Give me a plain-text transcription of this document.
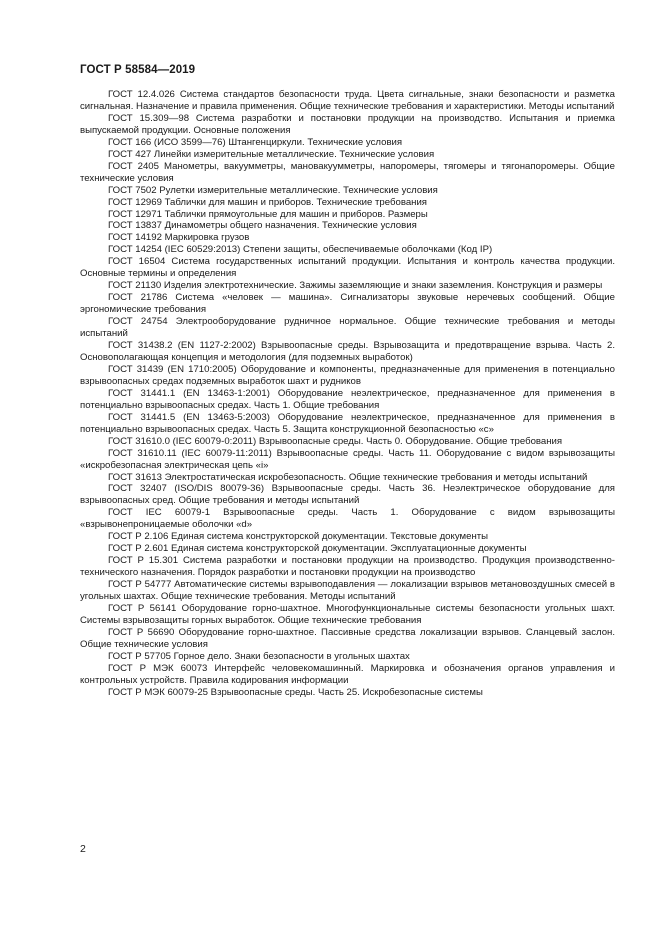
ГОСТ Р 58584—2019

ГОСТ 12.4.026 Система стандартов безопасности труда. Цвета сигнальные, знаки безопасности и разметка сигнальная. Назначение и правила применения. Общие технические требования и характеристики. Методы испытаний

ГОСТ 15.309—98 Система разработки и постановки продукции на производство. Испытания и приемка выпускаемой продукции. Основные положения

ГОСТ 166 (ИСО 3599—76) Штангенциркули. Технические условия

ГОСТ 427 Линейки измерительные металлические. Технические условия

ГОСТ 2405 Манометры, вакуумметры, мановакуумметры, напоромеры, тягомеры и тягонапоромеры. Общие технические условия

ГОСТ 7502 Рулетки измерительные металлические. Технические условия

ГОСТ 12969 Таблички для машин и приборов. Технические требования

ГОСТ 12971 Таблички прямоугольные для машин и приборов. Размеры

ГОСТ 13837 Динамометры общего назначения. Технические условия

ГОСТ 14192 Маркировка грузов

ГОСТ 14254 (IEC 60529:2013) Степени защиты, обеспечиваемые оболочками (Код IP)

ГОСТ 16504 Система государственных испытаний продукции. Испытания и контроль качества продукции. Основные термины и определения

ГОСТ 21130 Изделия электротехнические. Зажимы заземляющие и знаки заземления. Конструкция и размеры

ГОСТ 21786 Система «человек — машина». Сигнализаторы звуковые неречевых сообщений. Общие эргономические требования

ГОСТ 24754 Электрооборудование рудничное нормальное. Общие технические требования и методы испытаний

ГОСТ 31438.2 (EN 1127-2:2002) Взрывоопасные среды. Взрывозащита и предотвращение взрыва. Часть 2. Основополагающая концепция и методология (для подземных выработок)

ГОСТ 31439 (EN 1710:2005) Оборудование и компоненты, предназначенные для применения в потенциально взрывоопасных средах подземных выработок шахт и рудников

ГОСТ 31441.1 (EN 13463-1:2001) Оборудование неэлектрическое, предназначенное для применения в потенциально взрывоопасных средах. Часть 1. Общие требования

ГОСТ 31441.5 (EN 13463-5:2003) Оборудование неэлектрическое, предназначенное для применения в потенциально взрывоопасных средах. Часть 5. Защита конструкционной безопасностью «c»

ГОСТ 31610.0 (IEC 60079-0:2011) Взрывоопасные среды. Часть 0. Оборудование. Общие требования

ГОСТ 31610.11 (IEC 60079-11:2011) Взрывоопасные среды. Часть 11. Оборудование с видом взрывозащиты «искробезопасная электрическая цепь «i»

ГОСТ 31613 Электростатическая искробезопасность. Общие технические требования и методы испытаний

ГОСТ 32407 (ISO/DIS 80079-36) Взрывоопасные среды. Часть 36. Неэлектрическое оборудование для взрывоопасных сред. Общие требования и методы испытаний

ГОСТ IEC 60079-1 Взрывоопасные среды. Часть 1. Оборудование с видом взрывозащиты «взрывонепроницаемые оболочки «d»

ГОСТ Р 2.106 Единая система конструкторской документации. Текстовые документы

ГОСТ Р 2.601 Единая система конструкторской документации. Эксплуатационные документы

ГОСТ Р 15.301 Система разработки и постановки продукции на производство. Продукция производственно-технического назначения. Порядок разработки и постановки продукции на производство

ГОСТ Р 54777 Автоматические системы взрывоподавления — локализации взрывов метановоздушных смесей в угольных шахтах. Общие технические требования. Методы испытаний

ГОСТ Р 56141 Оборудование горно-шахтное. Многофункциональные системы безопасности угольных шахт. Системы взрывозащиты горных выработок. Общие технические требования

ГОСТ Р 56690 Оборудование горно-шахтное. Пассивные средства локализации взрывов. Сланцевый заслон. Общие технические условия

ГОСТ Р 57705 Горное дело. Знаки безопасности в угольных шахтах

ГОСТ Р МЭК 60073 Интерфейс человекомашинный. Маркировка и обозначения органов управления и контрольных устройств. Правила кодирования информации

ГОСТ Р МЭК 60079-25 Взрывоопасные среды. Часть 25. Искробезопасные системы

2
